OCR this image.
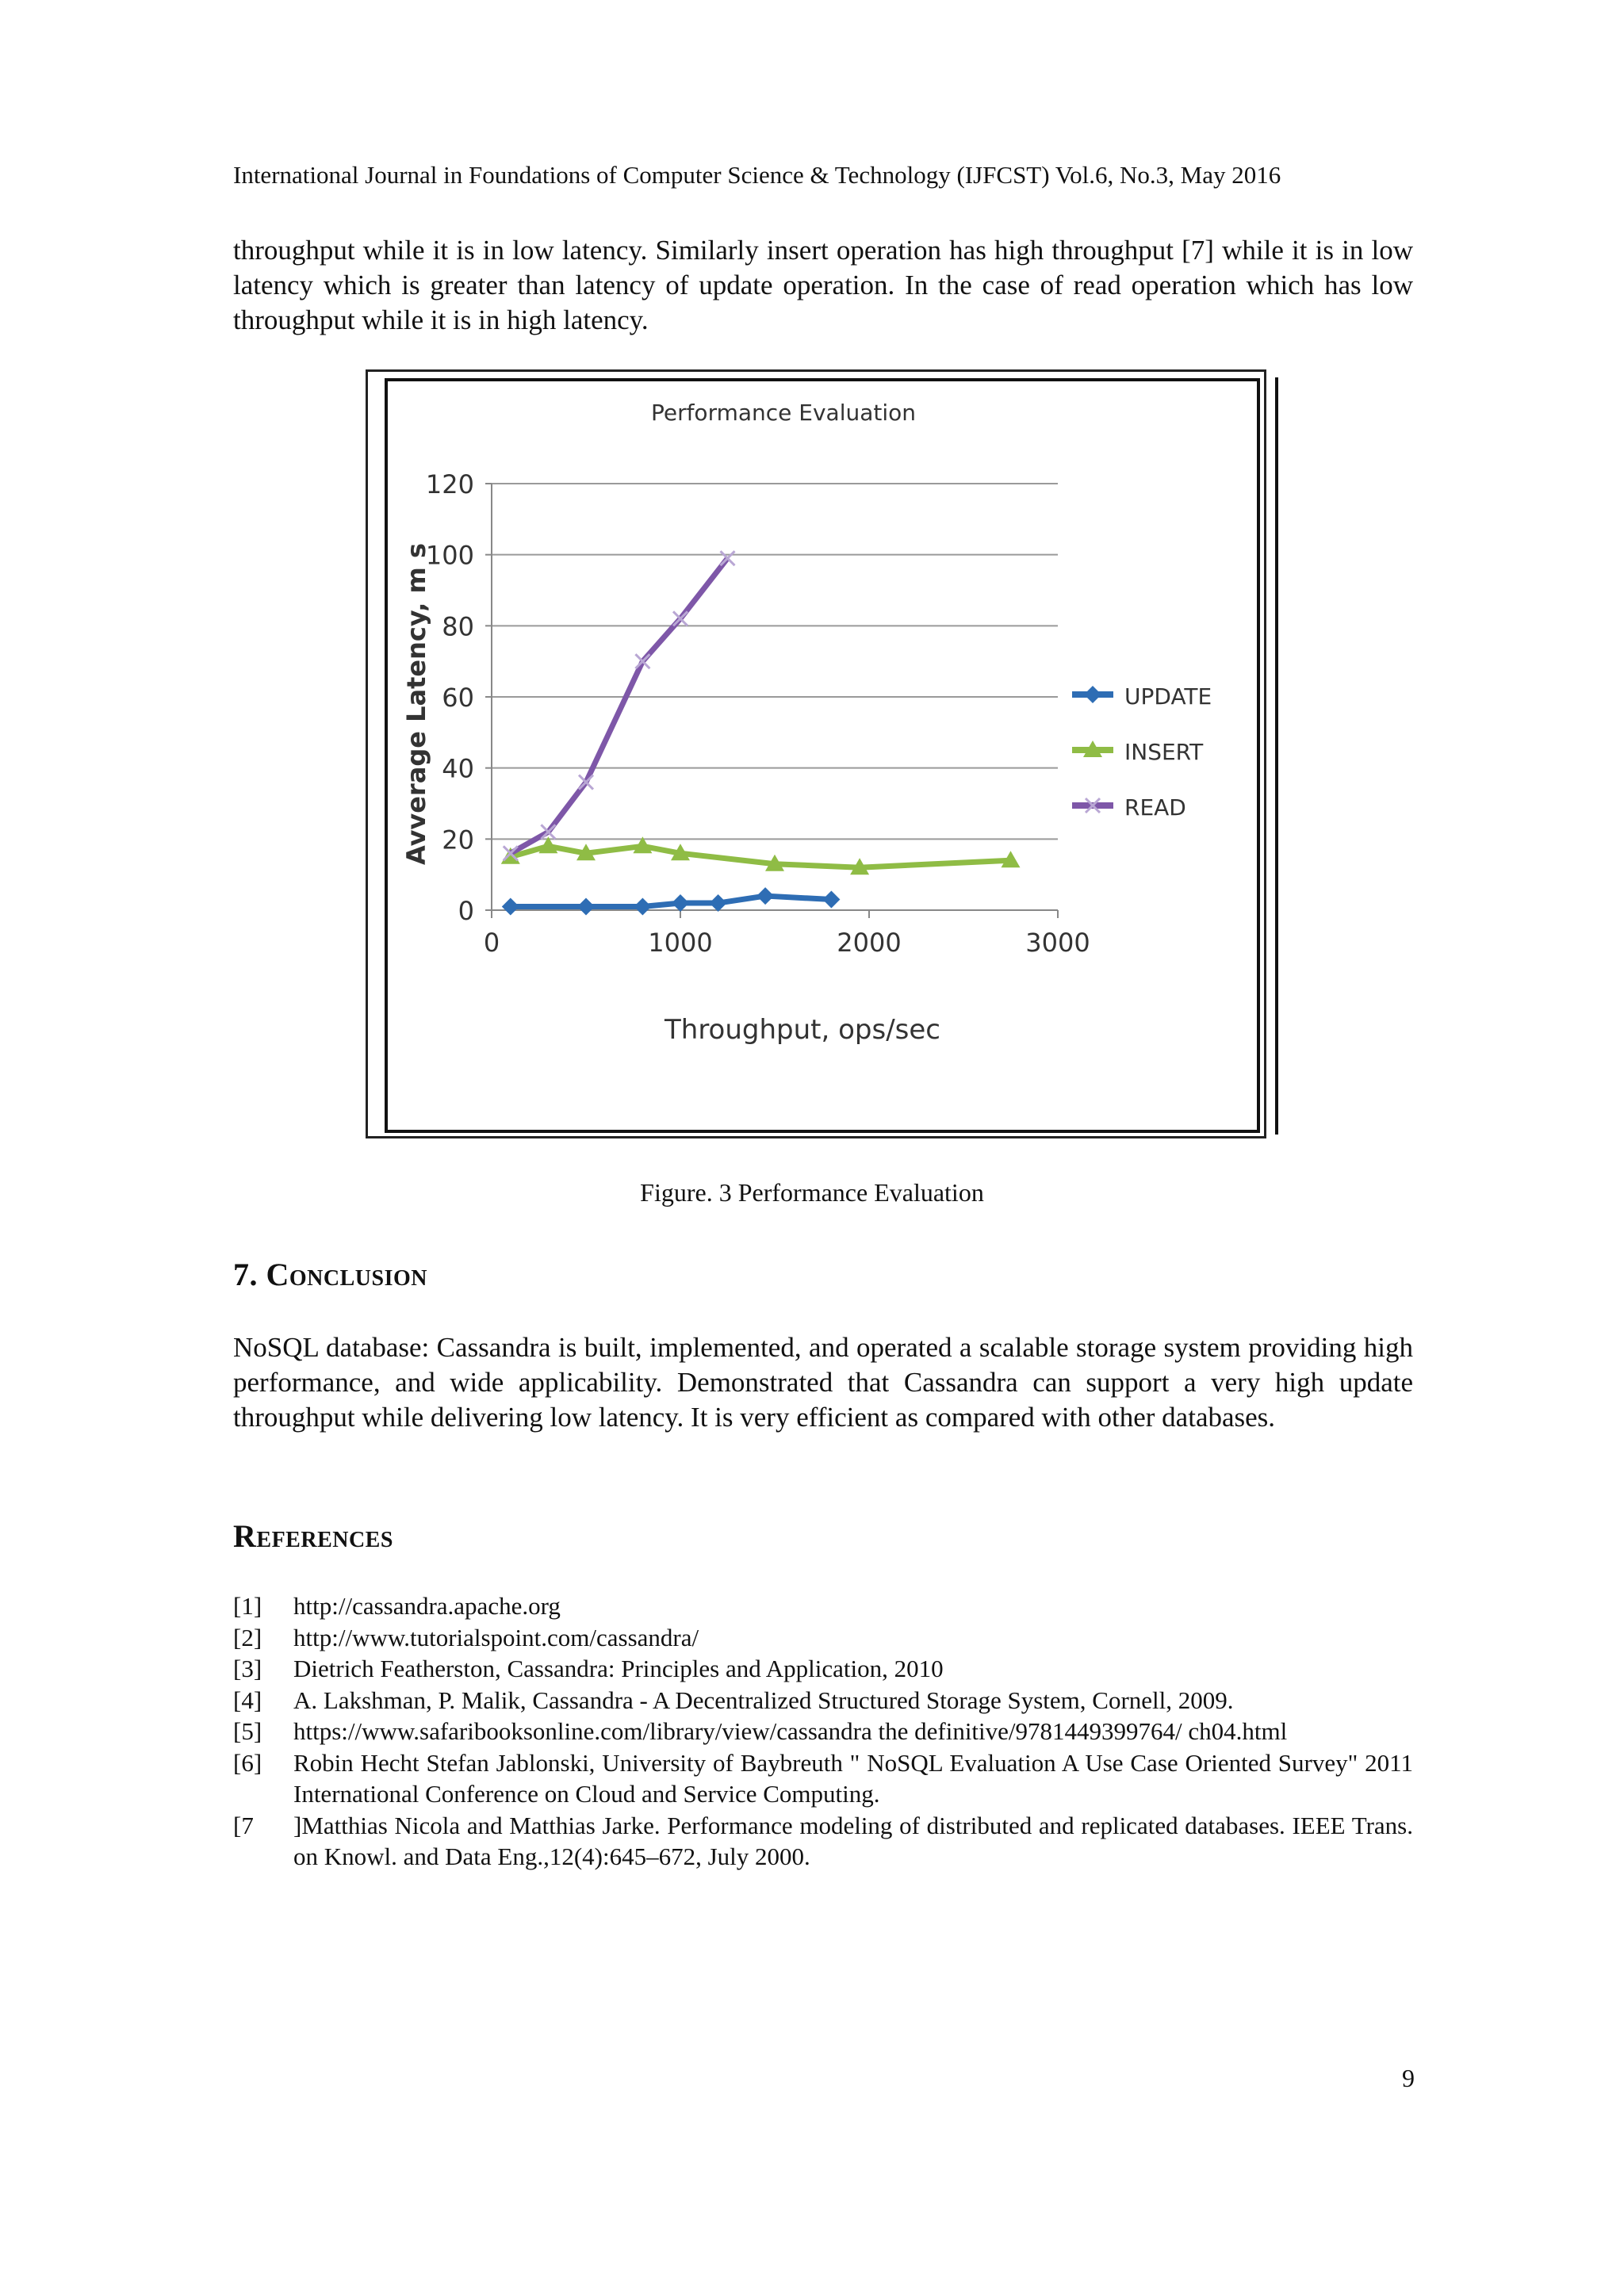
International Journal in Foundations of Computer Science & Technology (IJFCST) Vol.6, No.3, May 2016

throughput while it is in low latency. Similarly insert operation has high throughput [7] while it is in low latency which is greater than latency of update operation. In the case of read operation which has low throughput while it is in high latency.

0
20
40
60
80
100
120
0	1000	2000	3000
UPDATE
INSERT
READ
Performance Evaluation
Throughput, ops/sec
Avverage Latency, m s
Figure. 3 Performance Evaluation
7. Conclusion

NoSQL database: Cassandra is built, implemented, and operated a scalable storage system providing high performance, and wide applicability. Demonstrated that Cassandra can support a very high update throughput while delivering low latency. It is very efficient as compared with other databases.

References
[1] http://cassandra.apache.org
[2] http://www.tutorialspoint.com/cassandra/
[3] Dietrich Featherston, Cassandra: Principles and Application, 2010
[4] A. Lakshman, P. Malik, Cassandra - A Decentralized Structured Storage System, Cornell, 2009.
[5] https://www.safaribooksonline.com/library/view/cassandra the definitive/9781449399764/ ch04.html
[6] Robin Hecht Stefan Jablonski, University of Baybreuth " NoSQL Evaluation A Use Case Oriented Survey" 2011 International Conference on Cloud and Service Computing.
[7 ]Matthias Nicola and Matthias Jarke. Performance modeling of distributed and replicated databases. IEEE Trans. on Knowl. and Data Eng.,12(4):645–672, July 2000.
9
